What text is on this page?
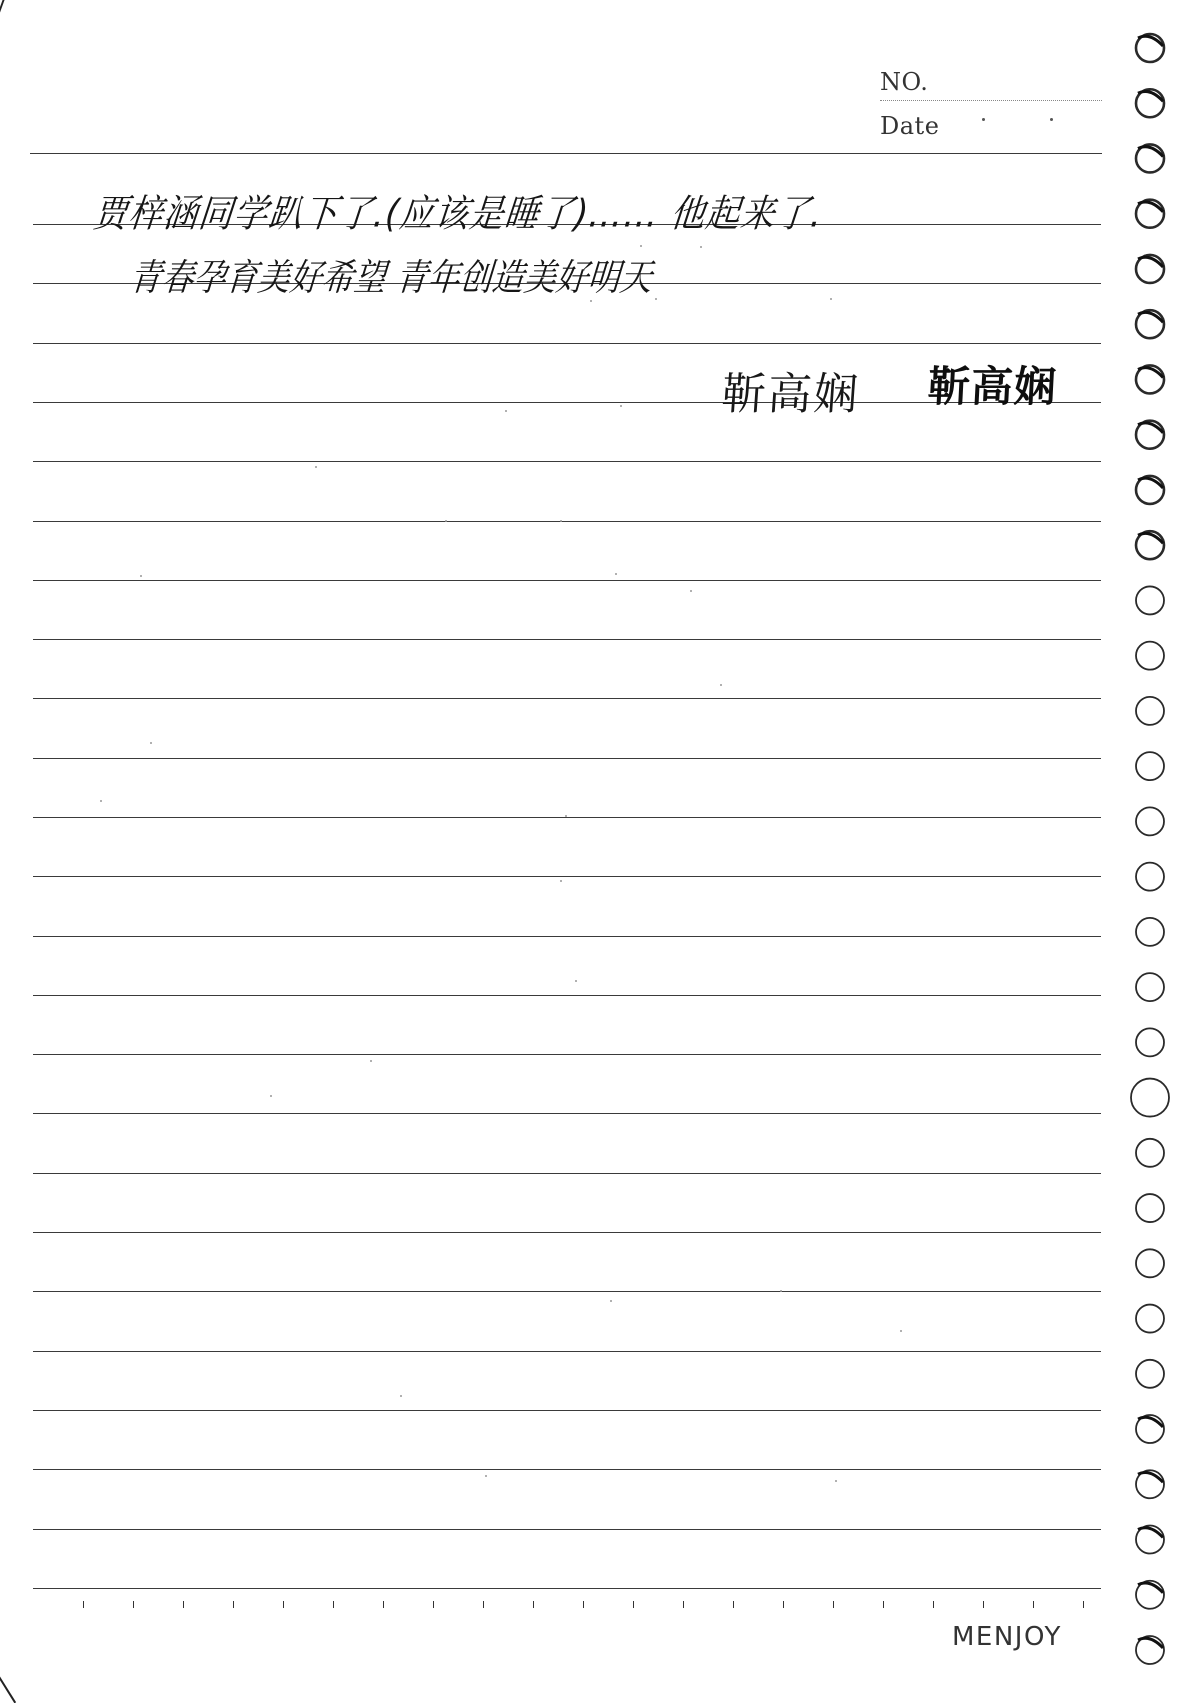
NO.
Date
贾梓涵同学趴下了.(应该是睡了)…… 他起来了.
青春孕育美好希望 青年创造美好明天
靳高娴 靳高娴
MENJOY
